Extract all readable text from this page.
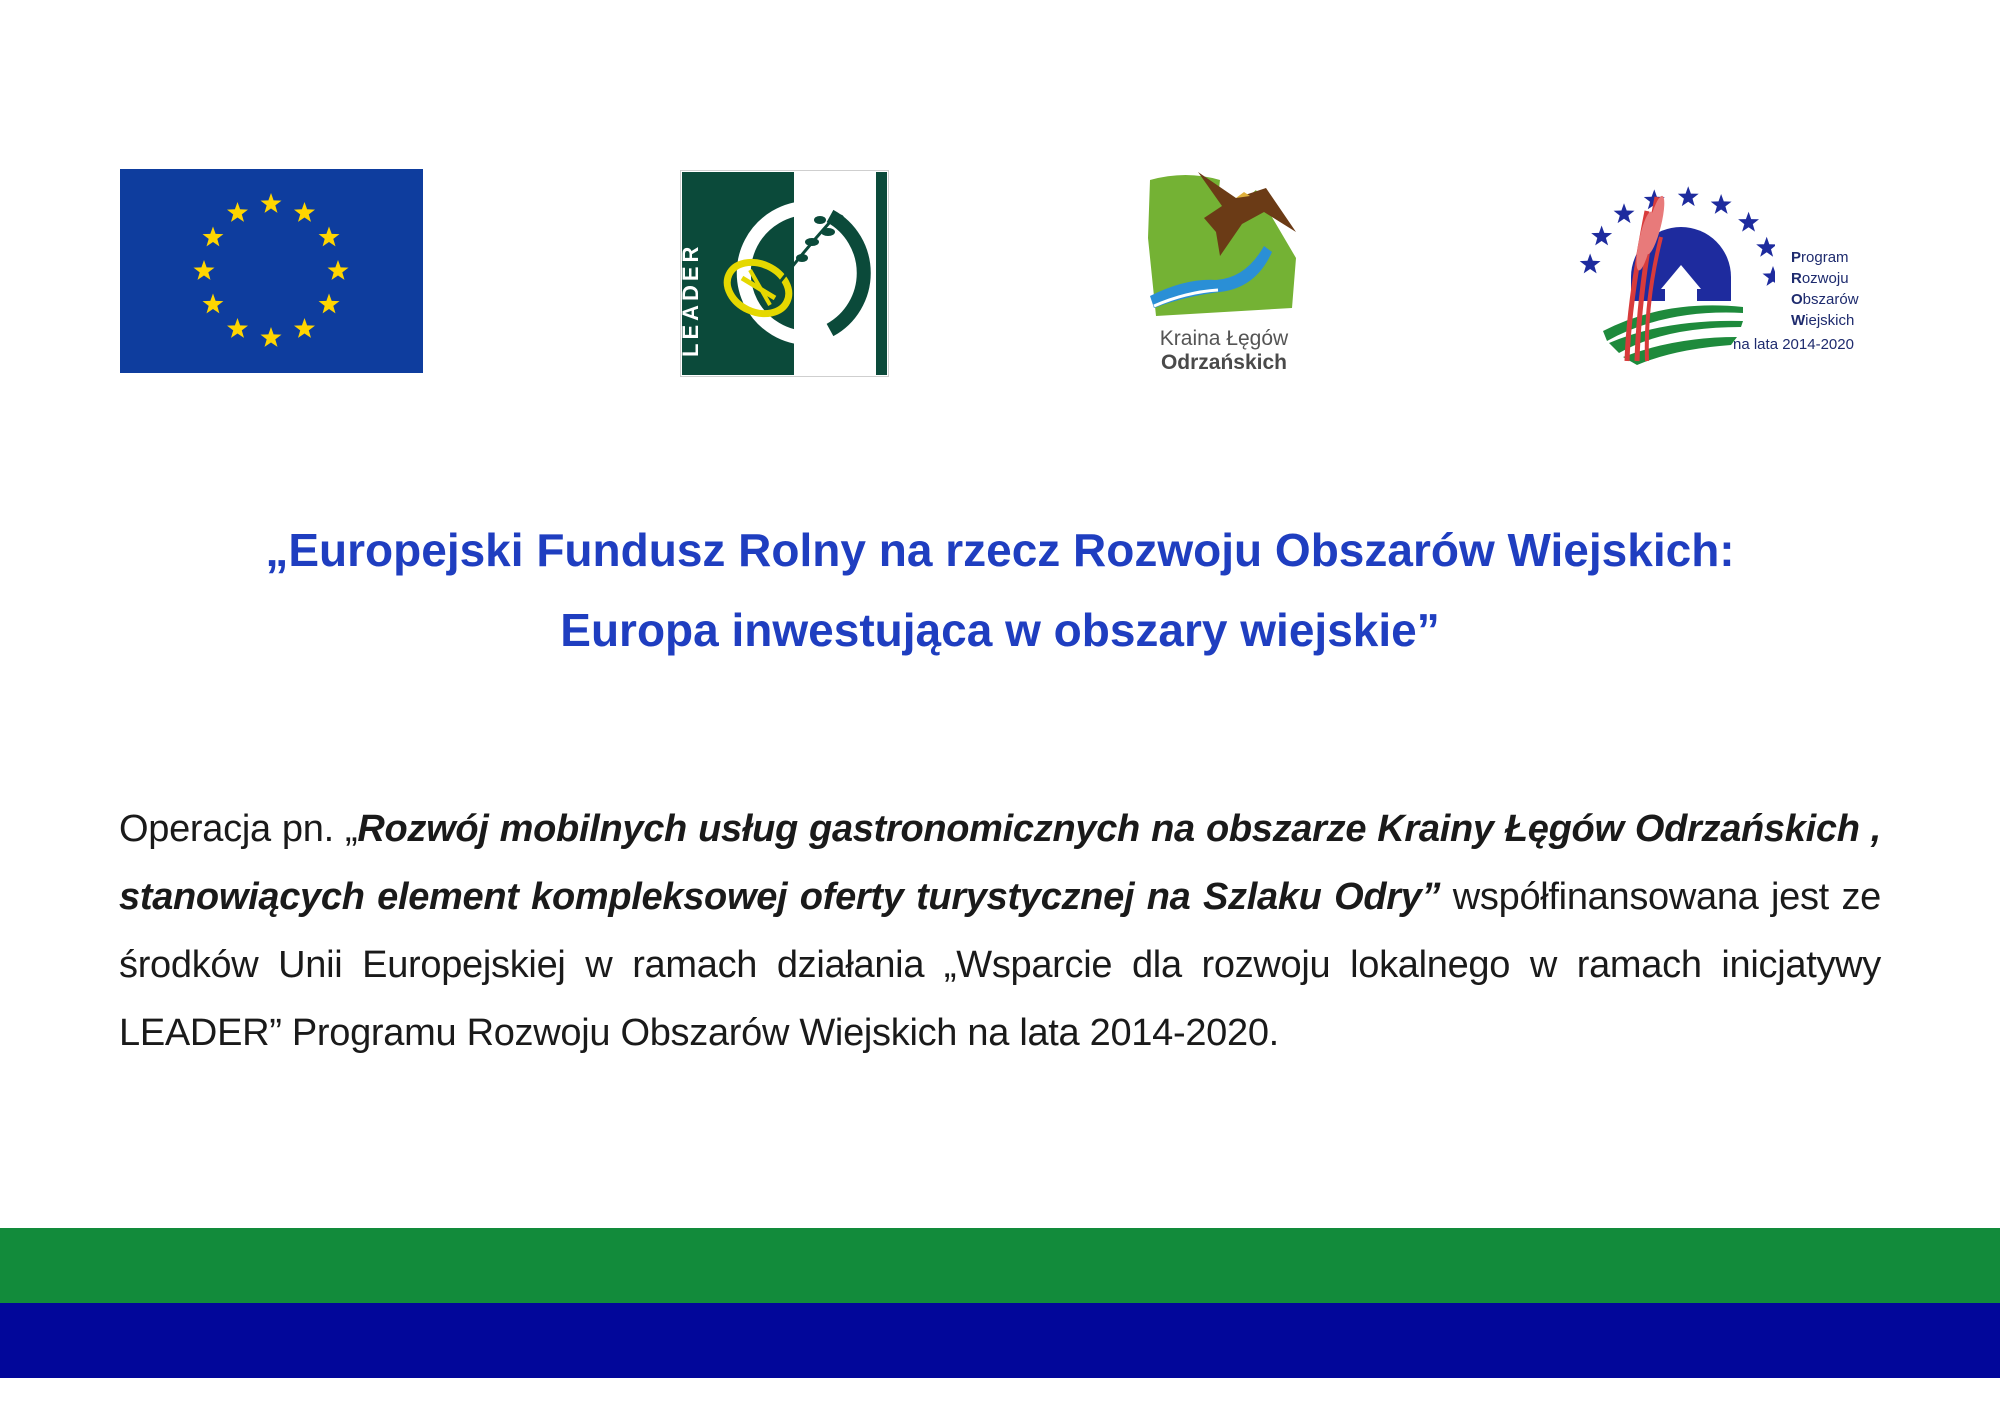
LEADER	Kraina Łęgów
Odrzańskich
Program
Rozwoju
Obszarów
Wiejskich
na lata 2014-2020
„Europejski Fundusz Rolny na rzecz Rozwoju Obszarów Wiejskich:
Europa inwestująca w obszary wiejskie”
Operacja pn. „Rozwój mobilnych usług gastronomicznych na obszarze Krainy Łęgów Odrzańskich , stanowiących element kompleksowej oferty turystycznej na Szlaku Odry” współfinansowana jest ze środków Unii Europejskiej w ramach działania „Wsparcie dla rozwoju lokalnego w ramach inicjatywy LEADER” Programu Rozwoju Obszarów Wiejskich na lata 2014-2020.
